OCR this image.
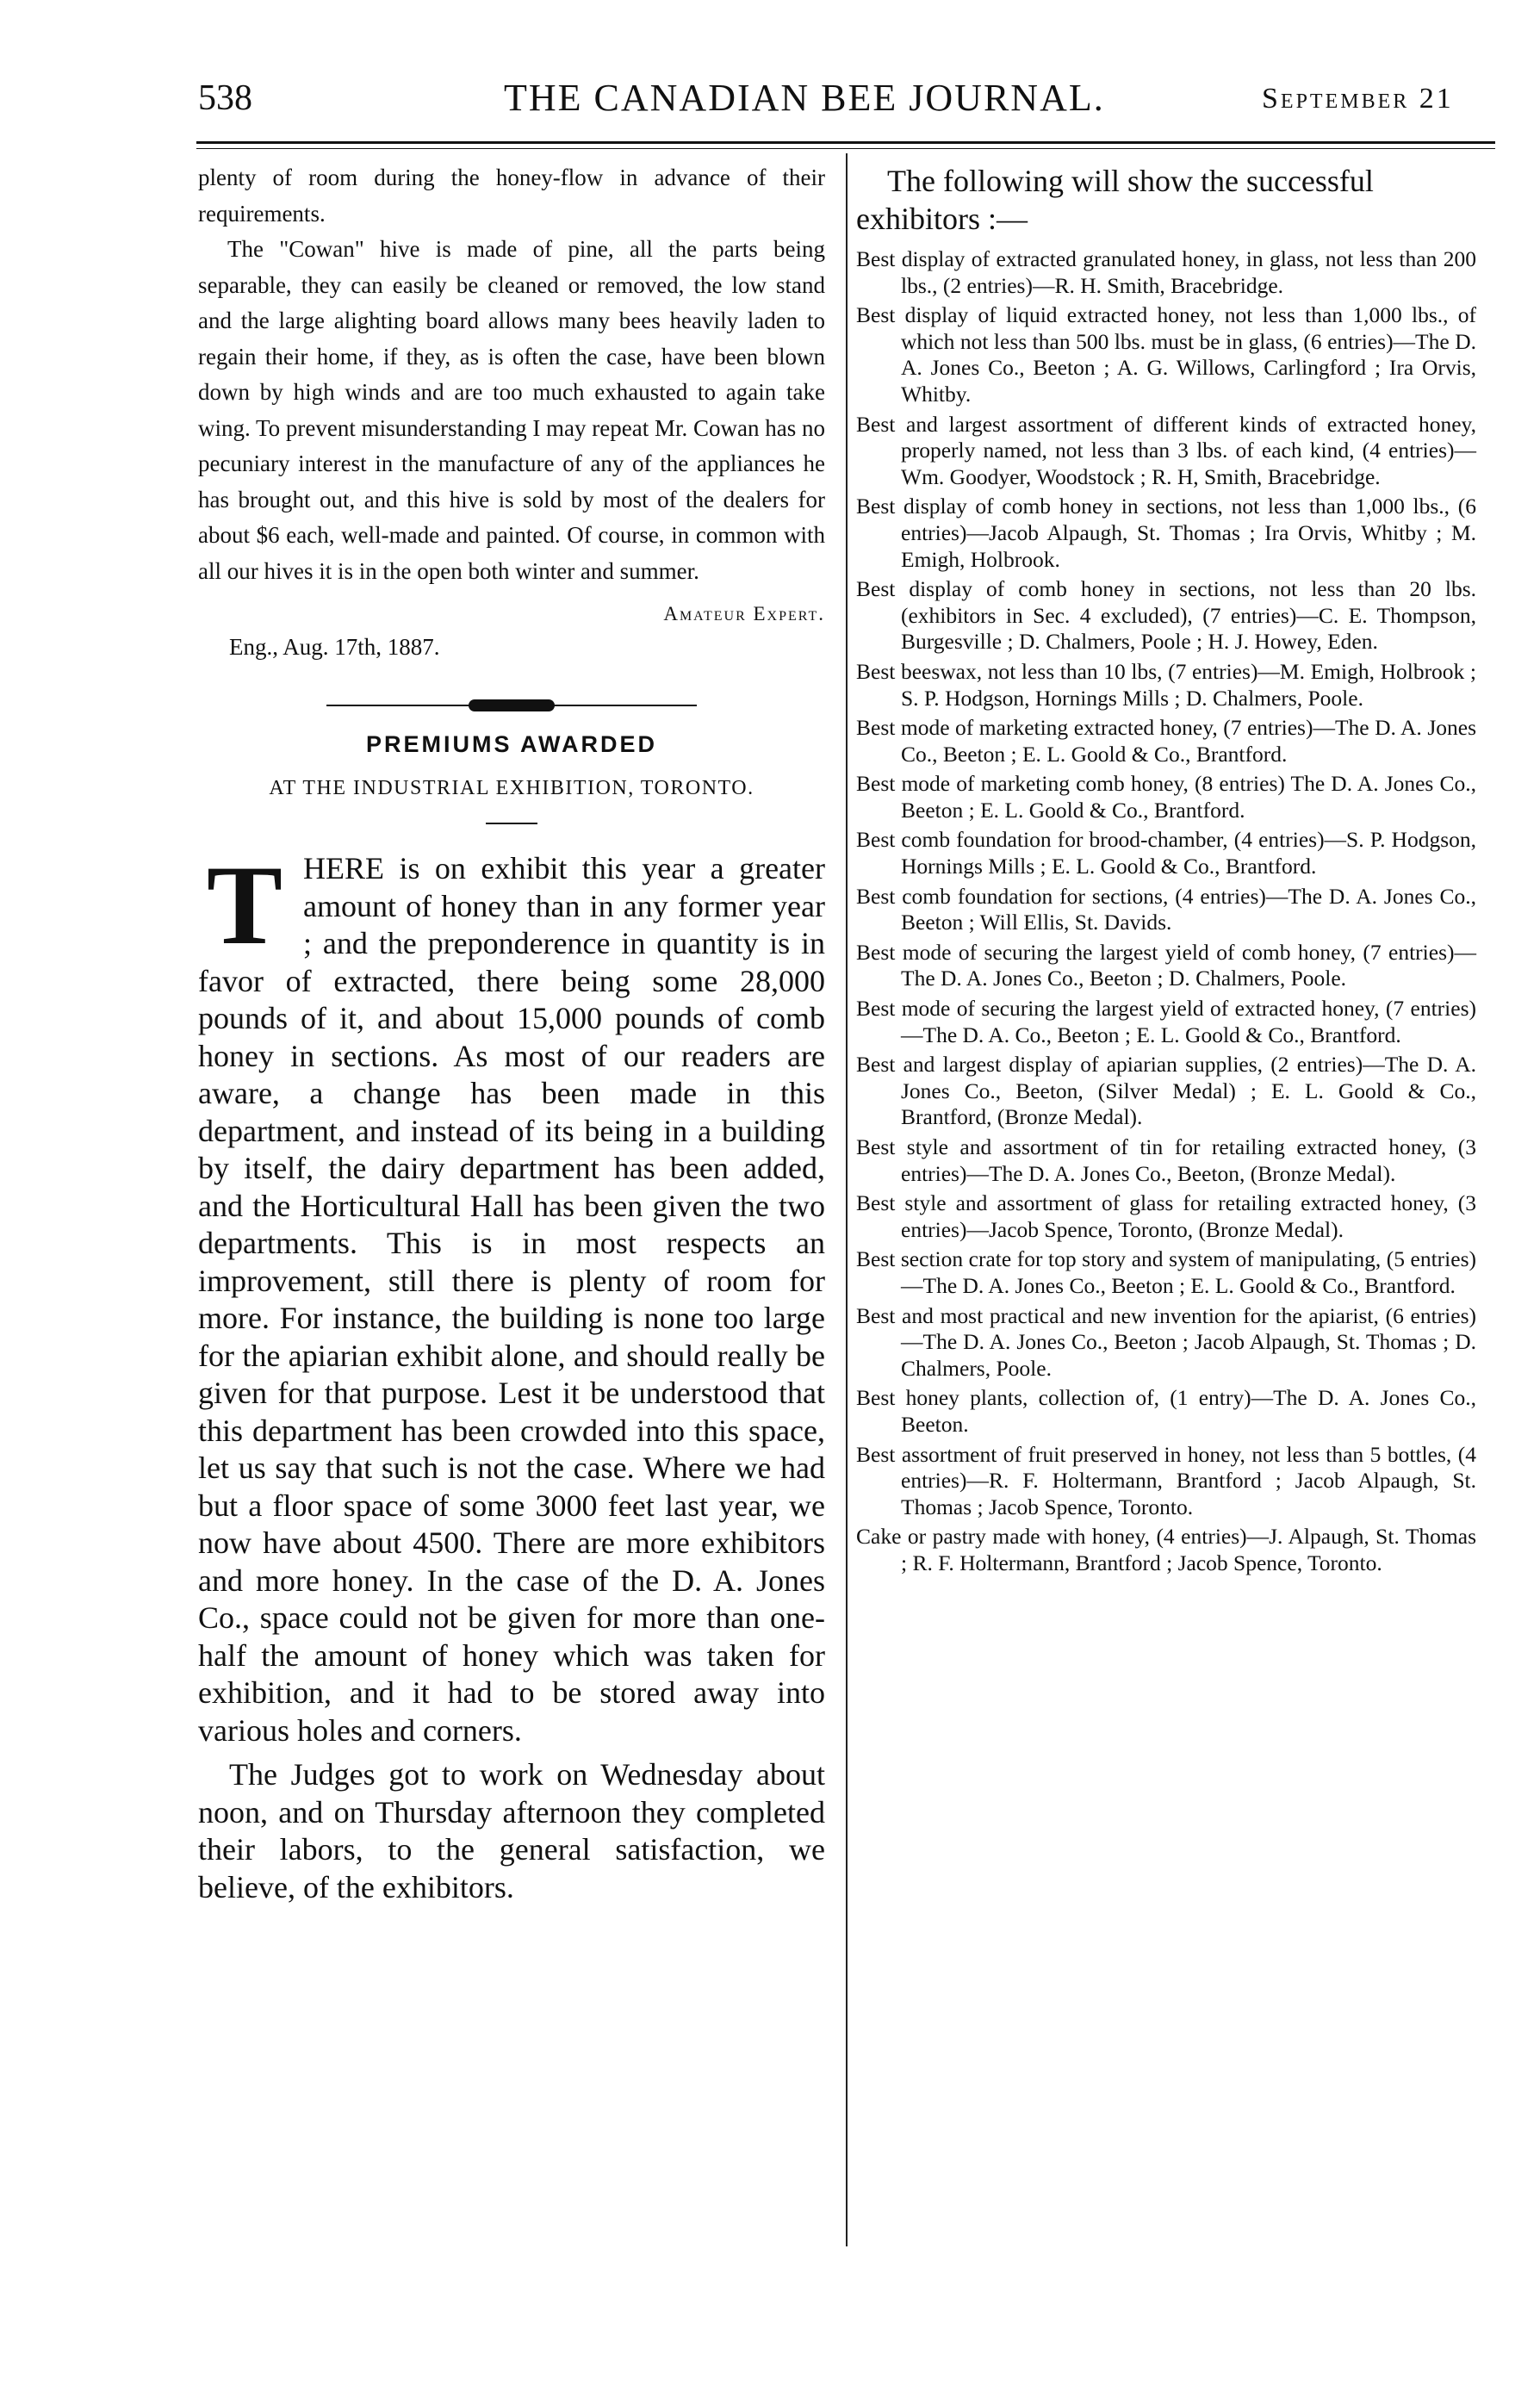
538	THE CANADIAN BEE JOURNAL.	September 21

plenty of room during the honey-flow in advance of their requirements.

The "Cowan" hive is made of pine, all the parts being separable, they can easily be cleaned or removed, the low stand and the large alighting board allows many bees heavily laden to regain their home, if they, as is often the case, have been blown down by high winds and are too much exhausted to again take wing. To prevent misunderstanding I may repeat Mr. Cowan has no pecuniary interest in the manufacture of any of the appliances he has brought out, and this hive is sold by most of the dealers for about $6 each, well-made and painted. Of course, in common with all our hives it is in the open both winter and summer.

Amateur Expert.
Eng., Aug. 17th, 1887.
PREMIUMS AWARDED
AT THE INDUSTRIAL EXHIBITION, TORONTO.
T HERE is on exhibit this year a greater amount of honey than in any former year ; and the preponderence in quantity is in favor of extracted, there being some 28,000 pounds of it, and about 15,000 pounds of comb honey in sections. As most of our readers are aware, a change has been made in this department, and instead of its being in a building by itself, the dairy department has been added, and the Horticultural Hall has been given the two departments. This is in most respects an improvement, still there is plenty of room for more. For instance, the building is none too large for the apiarian exhibit alone, and should really be given for that purpose. Lest it be understood that this department has been crowded into this space, let us say that such is not the case. Where we had but a floor space of some 3000 feet last year, we now have about 4500. There are more exhibitors and more honey. In the case of the D. A. Jones Co., space could not be given for more than one-half the amount of honey which was taken for exhibition, and it had to be stored away into various holes and corners.

The Judges got to work on Wednesday about noon, and on Thursday afternoon they completed their labors, to the general satisfaction, we believe, of the exhibitors.

The following will show the successful exhibitors :—

Best display of extracted granulated honey, in glass, not less than 200 lbs., (2 entries)—R. H. Smith, Bracebridge.

Best display of liquid extracted honey, not less than 1,000 lbs., of which not less than 500 lbs. must be in glass, (6 entries)—The D. A. Jones Co., Beeton ; A. G. Willows, Carlingford ; Ira Orvis, Whitby.

Best and largest assortment of different kinds of extracted honey, properly named, not less than 3 lbs. of each kind, (4 entries)—Wm. Goodyer, Woodstock ; R. H, Smith, Bracebridge.

Best display of comb honey in sections, not less than 1,000 lbs., (6 entries)—Jacob Alpaugh, St. Thomas ; Ira Orvis, Whitby ; M. Emigh, Holbrook.

Best display of comb honey in sections, not less than 20 lbs. (exhibitors in Sec. 4 excluded), (7 entries)—C. E. Thompson, Burgesville ; D. Chalmers, Poole ; H. J. Howey, Eden.

Best beeswax, not less than 10 lbs, (7 entries)—M. Emigh, Holbrook ; S. P. Hodgson, Hornings Mills ; D. Chalmers, Poole.

Best mode of marketing extracted honey, (7 entries)—The D. A. Jones Co., Beeton ; E. L. Goold & Co., Brantford.

Best mode of marketing comb honey, (8 entries) The D. A. Jones Co., Beeton ; E. L. Goold & Co., Brantford.

Best comb foundation for brood-chamber, (4 entries)—S. P. Hodgson, Hornings Mills ; E. L. Goold & Co., Brantford.

Best comb foundation for sections, (4 entries)—The D. A. Jones Co., Beeton ; Will Ellis, St. Davids.

Best mode of securing the largest yield of comb honey, (7 entries)—The D. A. Jones Co., Beeton ; D. Chalmers, Poole.

Best mode of securing the largest yield of extracted honey, (7 entries)—The D. A. Co., Beeton ; E. L. Goold & Co., Brantford.

Best and largest display of apiarian supplies, (2 entries)—The D. A. Jones Co., Beeton, (Silver Medal) ; E. L. Goold & Co., Brantford, (Bronze Medal).

Best style and assortment of tin for retailing extracted honey, (3 entries)—The D. A. Jones Co., Beeton, (Bronze Medal).

Best style and assortment of glass for retailing extracted honey, (3 entries)—Jacob Spence, Toronto, (Bronze Medal).

Best section crate for top story and system of manipulating, (5 entries)—The D. A. Jones Co., Beeton ; E. L. Goold & Co., Brantford.

Best and most practical and new invention for the apiarist, (6 entries)—The D. A. Jones Co., Beeton ; Jacob Alpaugh, St. Thomas ; D. Chalmers, Poole.

Best honey plants, collection of, (1 entry)—The D. A. Jones Co., Beeton.

Best assortment of fruit preserved in honey, not less than 5 bottles, (4 entries)—R. F. Holtermann, Brantford ; Jacob Alpaugh, St. Thomas ; Jacob Spence, Toronto.

Cake or pastry made with honey, (4 entries)—J. Alpaugh, St. Thomas ; R. F. Holtermann, Brantford ; Jacob Spence, Toronto.
